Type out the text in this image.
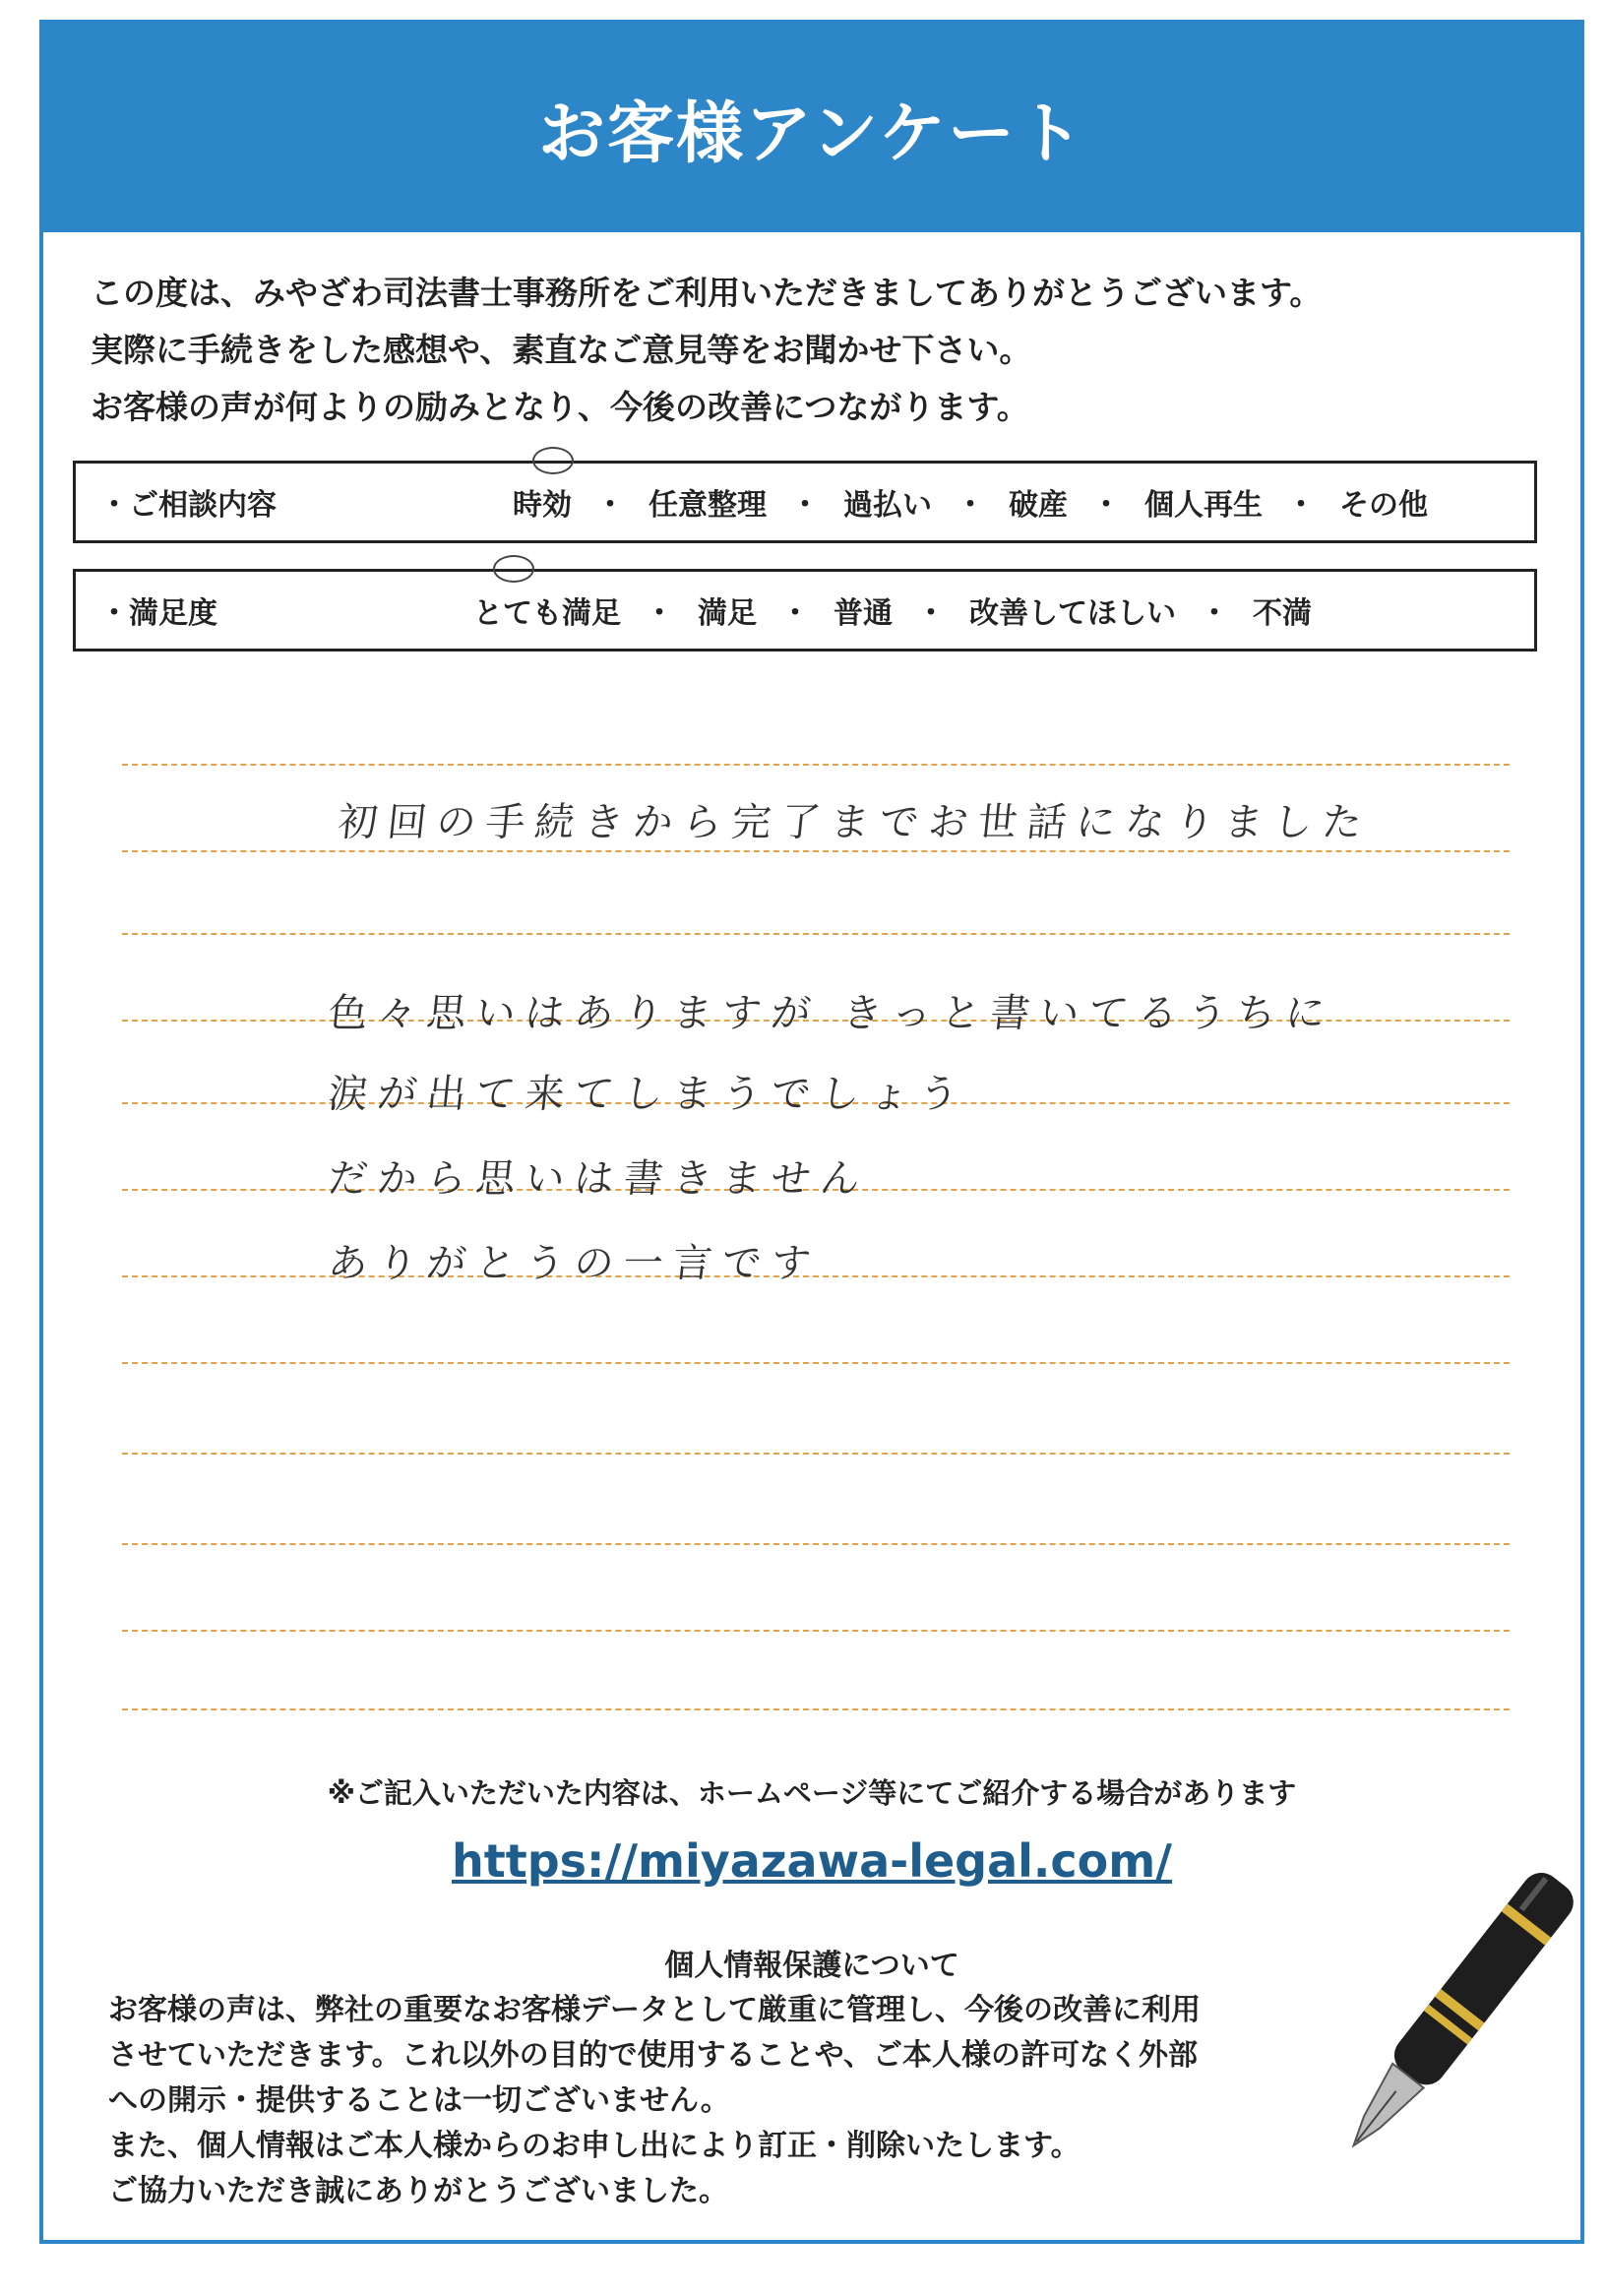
お客様アンケート

この度は、みやざわ司法書士事務所をご利用いただきましてありがとうございます。

実際に手続きをした感想や、素直なご意見等をお聞かせ下さい。

お客様の声が何よりの励みとなり、今後の改善につながります。

・ご相談内容	時効 ・ 任意整理 ・ 過払い ・ 破産 ・ 個人再生 ・ その他
・満足度	とても満足 ・ 満足 ・ 普通 ・ 改善してほしい ・ 不満
初回の手続きから完了までお世話になりました
色々思いはありますが きっと書いてるうちに
涙が出て来てしまうでしょう
だから思いは書きません
ありがとうの一言です
※ご記入いただいた内容は、ホームページ等にてご紹介する場合があります
https://miyazawa-legal.com/
個人情報保護について

お客様の声は、弊社の重要なお客様データとして厳重に管理し、今後の改善に利用

させていただきます。これ以外の目的で使用することや、ご本人様の許可なく外部

への開示・提供することは一切ございません。

また、個人情報はご本人様からのお申し出により訂正・削除いたします。

ご協力いただき誠にありがとうございました。
